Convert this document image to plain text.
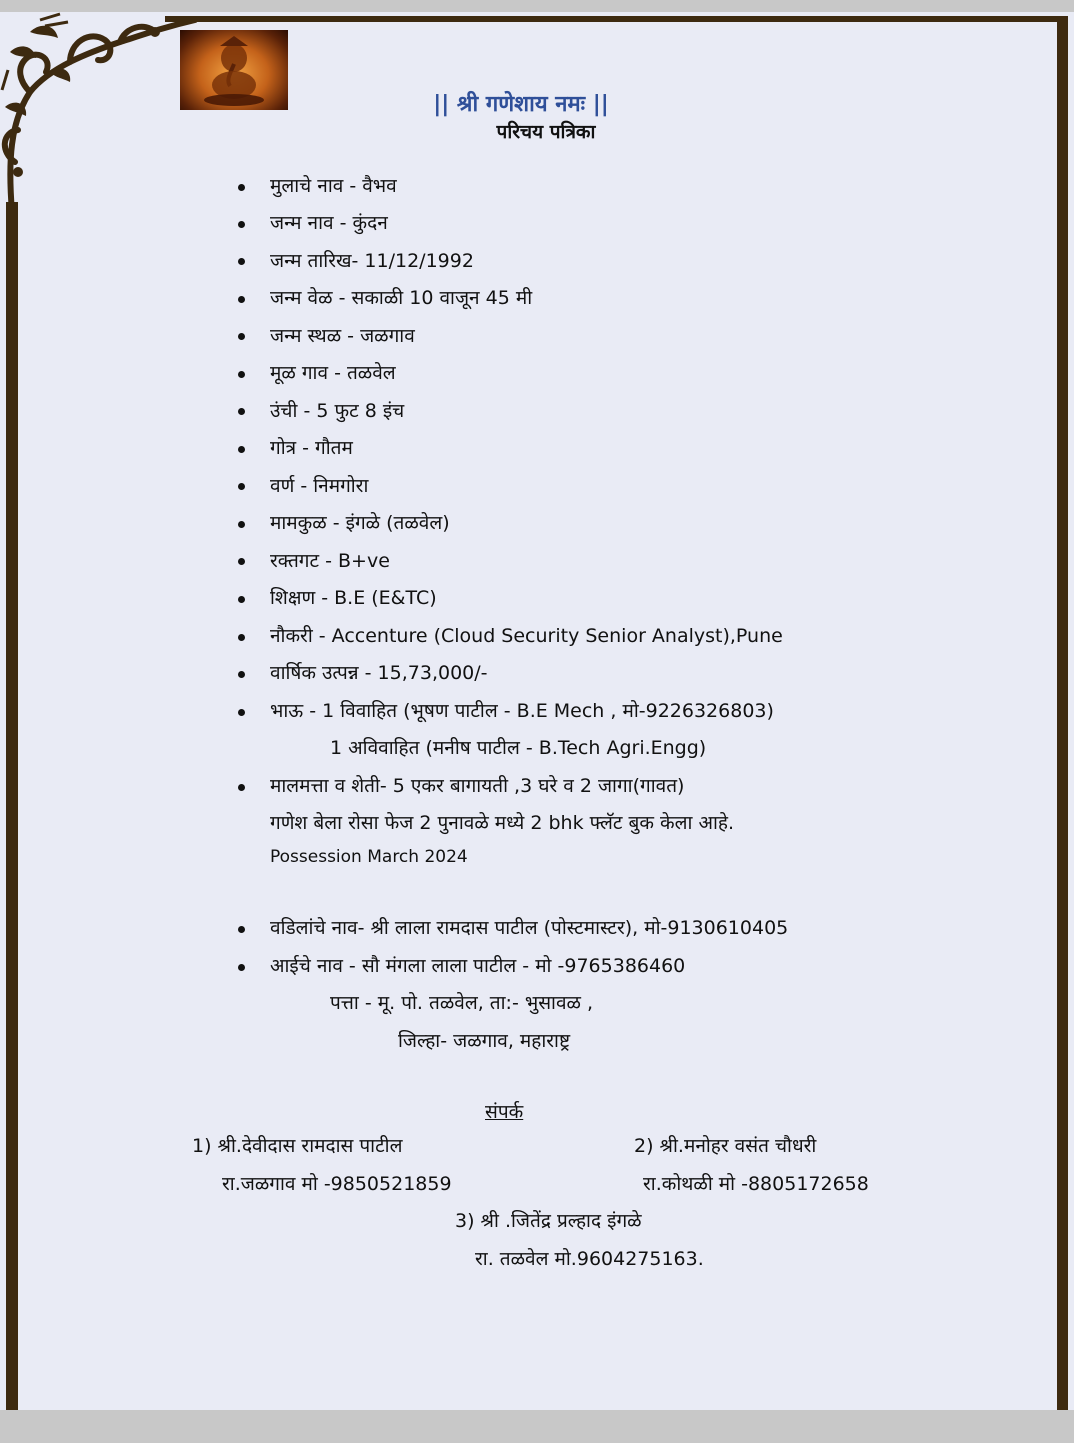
|| श्री गणेशाय नमः ||
परिचय पत्रिका
मुलाचे नाव - वैभव
जन्म नाव - कुंदन
जन्म तारिख- 11/12/1992
जन्म वेळ - सकाळी 10 वाजून 45 मी
जन्म स्थळ - जळगाव
मूळ गाव - तळवेल
उंची - 5 फुट 8 इंच
गोत्र - गौतम
वर्ण - निमगोरा
मामकुळ - इंगळे (तळवेल)
रक्तगट - B+ve
शिक्षण - B.E (E&TC)
नौकरी - Accenture (Cloud Security Senior Analyst),Pune
वार्षिक उत्पन्न - 15,73,000/-
भाऊ - 1 विवाहित (भूषण पाटील - B.E Mech , मो-9226326803)
1 अविवाहित (मनीष पाटील - B.Tech Agri.Engg)
मालमत्ता व शेती- 5 एकर बागायती ,3 घरे व 2 जागा(गावत)
गणेश बेला रोसा फेज 2 पुनावळे मध्ये 2 bhk फ्लॅट बुक केला आहे.
Possession March 2024
वडिलांचे नाव- श्री लाला रामदास पाटील (पोस्टमास्टर), मो-9130610405
आईचे नाव - सौ मंगला लाला पाटील - मो -9765386460
पत्ता - मू. पो. तळवेल, ता:- भुसावळ ,
जिल्हा- जळगाव, महाराष्ट्र
संपर्क
1) श्री.देवीदास रामदास पाटील
रा.जळगाव मो -9850521859
2) श्री.मनोहर वसंत चौधरी
रा.कोथळी मो -8805172658
3) श्री .जितेंद्र प्रल्हाद इंगळे
रा. तळवेल मो.9604275163.
